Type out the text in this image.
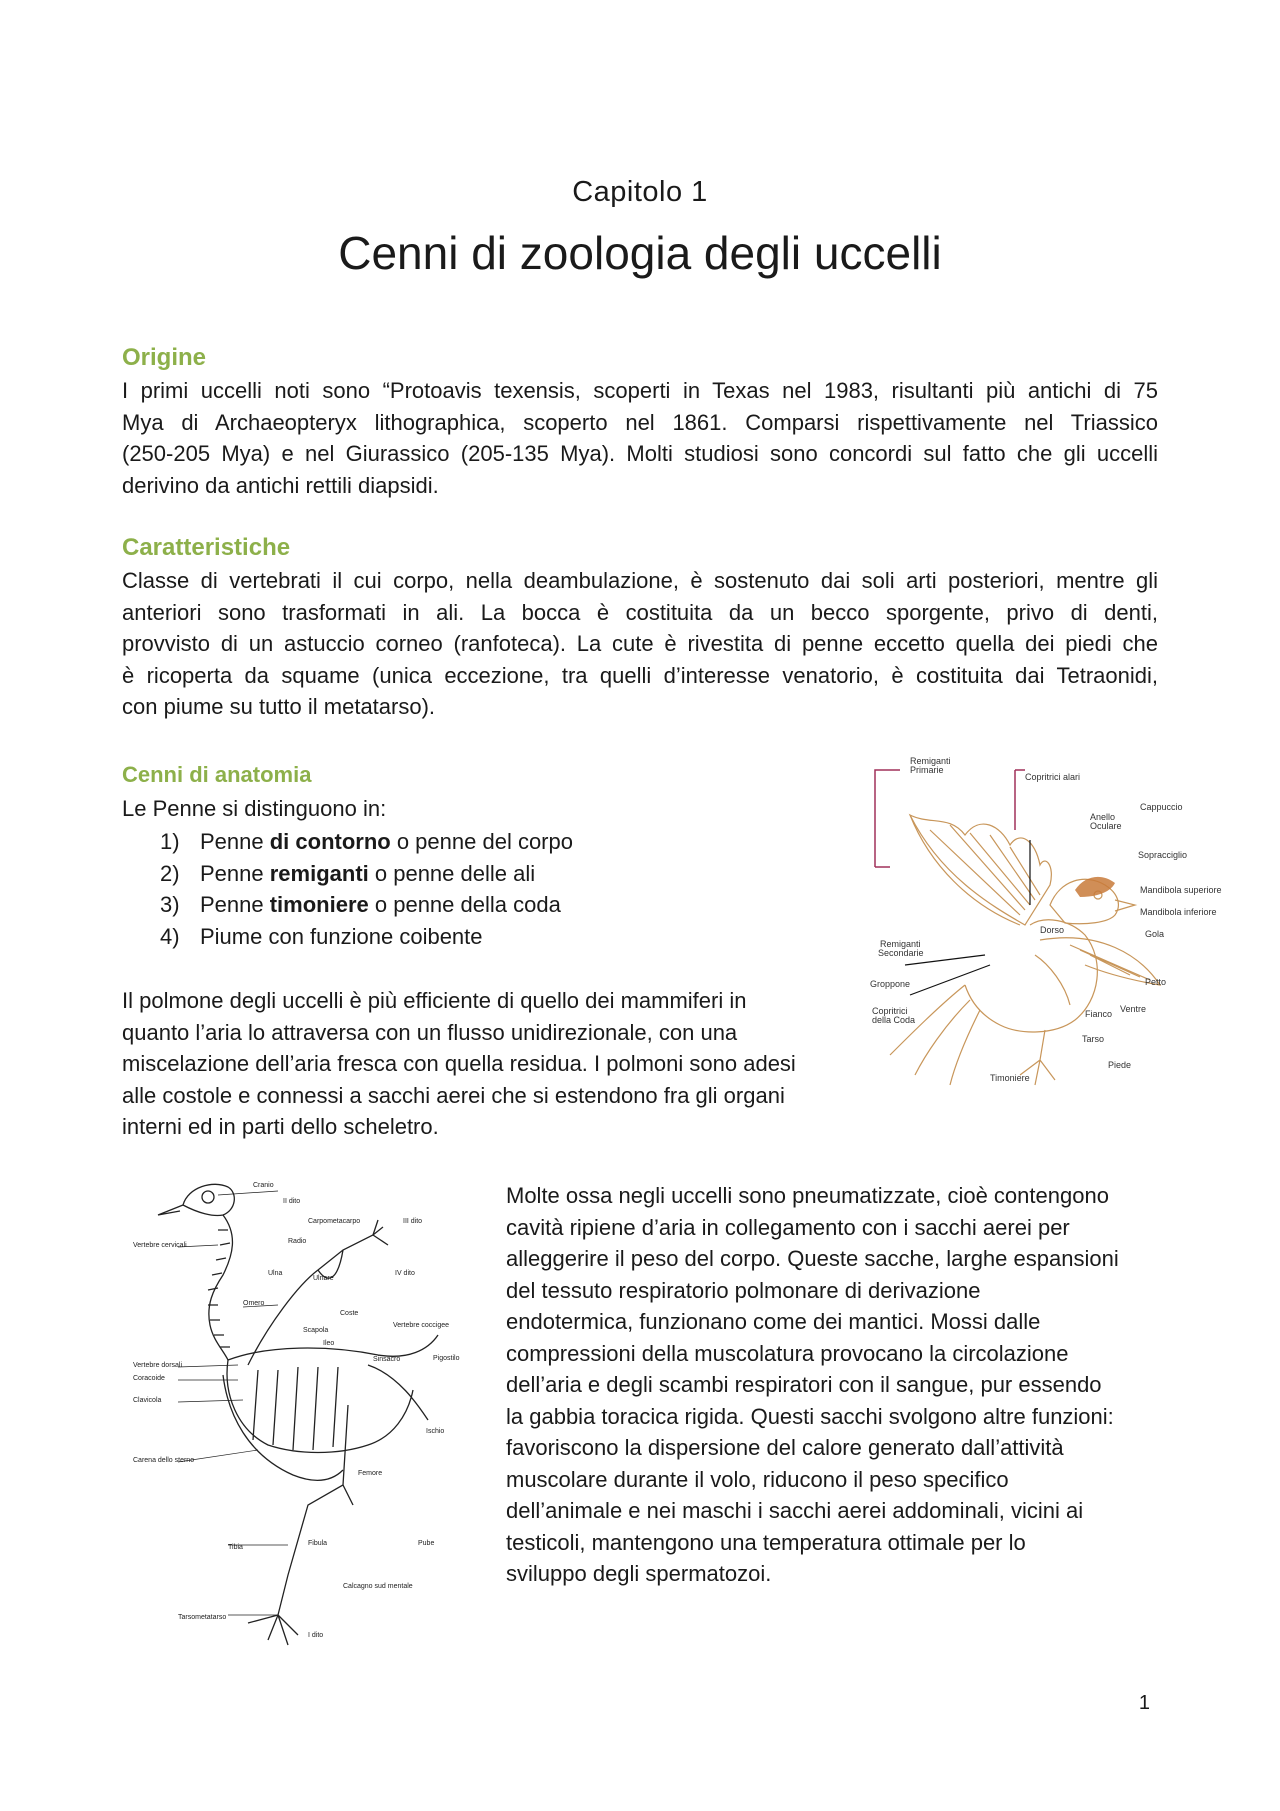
Capitolo 1
Cenni di zoologia degli uccelli
Origine
I primi uccelli noti sono “Protoavis texensis, scoperti in Texas nel 1983, risultanti più antichi di 75
Mya di Archaeopteryx lithographica, scoperto nel 1861. Comparsi rispettivamente nel Triassico
(250-205 Mya) e nel Giurassico (205-135 Mya). Molti studiosi sono concordi sul fatto che gli uccelli
derivino da antichi rettili diapsidi.
Caratteristiche
Classe di vertebrati il cui corpo, nella deambulazione, è sostenuto dai soli arti posteriori, mentre gli
anteriori sono trasformati in ali. La bocca è costituita da un becco sporgente, privo di denti,
provvisto di un astuccio corneo (ranfoteca). La cute è rivestita di penne eccetto quella dei piedi che
è ricoperta da squame (unica eccezione, tra quelli d’interesse venatorio, è costituita dai Tetraonidi,
con piume su tutto il metatarso).
Cenni di anatomia
Le Penne si distinguono in:
1) Penne di contorno o penne del corpo
2) Penne remiganti o penne delle ali
3) Penne timoniere o penne della coda
4) Piume con funzione coibente
Il polmone degli uccelli è più efficiente di quello dei mammiferi in
quanto l’aria lo attraversa con un flusso unidirezionale, con una
miscelazione dell’aria fresca con quella residua. I polmoni sono adesi
alle costole e connessi a sacchi aerei che si estendono fra gli organi
interni ed in parti dello scheletro.
Remiganti
Primarie
Copritrici alari
Anello
Oculare
Cappuccio
Sopracciglio
Mandibola superiore
Mandibola inferiore
Gola
Dorso
Remiganti
Secondarie
Groppone	Petto
Copritrici
della Coda
Fianco Ventre
Tarso
Piede
Timoniere
Cranio
II dito
Carpometacarpo	III dito
Vertebre cervicali
Radio
Ulna	IV dito
Omero
Ulnare
Coste
Vertebre dorsali
Scapola
Ileo
Vertebre coccigee
Coracoide
Sinsacro	Pigostilo
Clavicola
Ischio
Carena dello sterno
Femore
Tibia
Fibula	Pube
Tarsometatarso
Calcagno sud mentale
I dito
Molte ossa negli uccelli sono pneumatizzate, cioè contengono
cavità ripiene d’aria in collegamento con i sacchi aerei per
alleggerire il peso del corpo. Queste sacche, larghe espansioni
del tessuto respiratorio polmonare di derivazione
endotermica, funzionano come dei mantici. Mossi dalle
compressioni della muscolatura provocano la circolazione
dell’aria e degli scambi respiratori con il sangue, pur essendo
la gabbia toracica rigida. Questi sacchi svolgono altre funzioni:
favoriscono la dispersione del calore generato dall’attività
muscolare durante il volo, riducono il peso specifico
dell’animale e nei maschi i sacchi aerei addominali, vicini ai
testicoli, mantengono una temperatura ottimale per lo
sviluppo degli spermatozoi.
1
